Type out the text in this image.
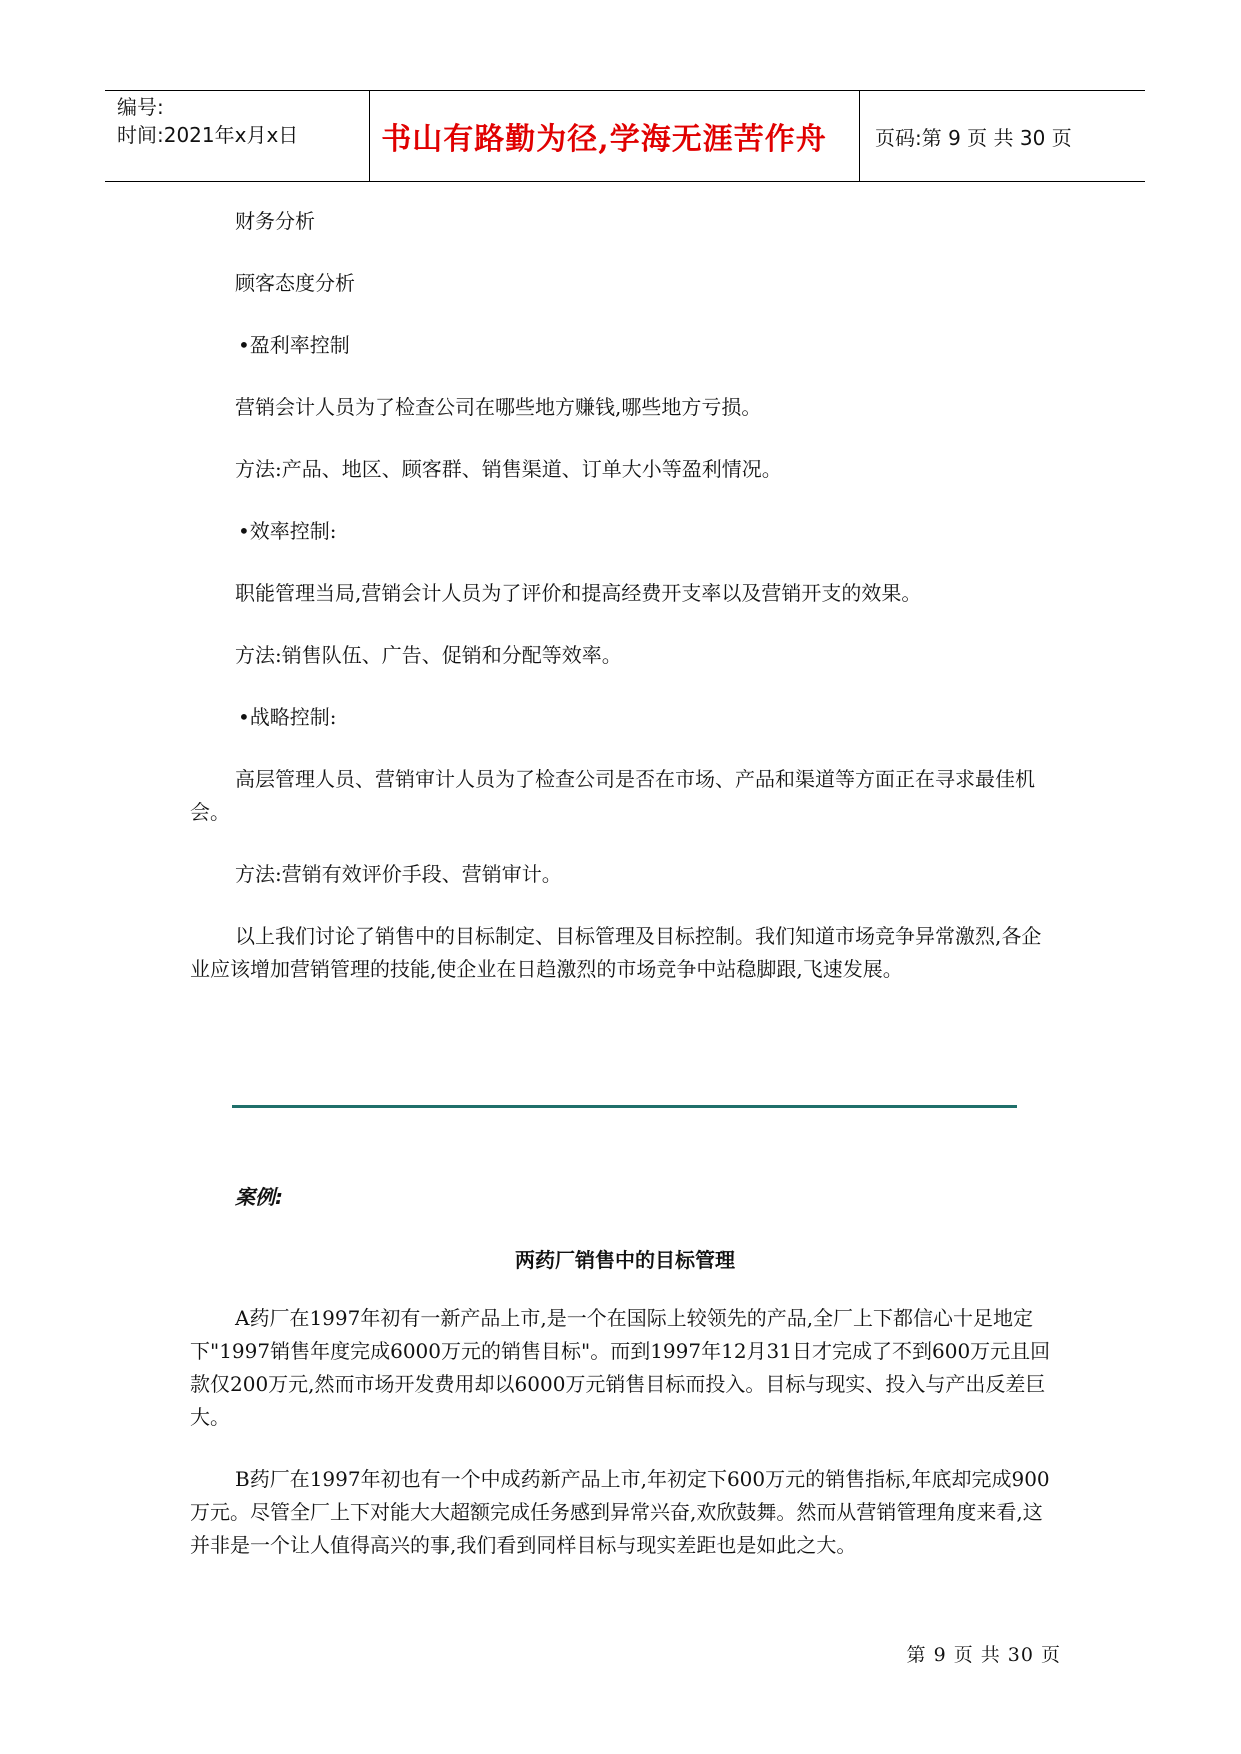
编号:
时间:2021年x月x日	书山有路勤为径,学海无涯苦作舟	页码:第 9 页 共 30 页

财务分析

顾客态度分析

•盈利率控制

营销会计人员为了检查公司在哪些地方赚钱,哪些地方亏损。

方法:产品、地区、顾客群、销售渠道、订单大小等盈利情况。

•效率控制:

职能管理当局,营销会计人员为了评价和提高经费开支率以及营销开支的效果。

方法:销售队伍、广告、促销和分配等效率。

•战略控制:

高层管理人员、营销审计人员为了检查公司是否在市场、产品和渠道等方面正在寻求最佳机会。

方法:营销有效评价手段、营销审计。

以上我们讨论了销售中的目标制定、目标管理及目标控制。我们知道市场竞争异常激烈,各企业应该增加营销管理的技能,使企业在日趋激烈的市场竞争中站稳脚跟,飞速发展。

案例:
两药厂销售中的目标管理

A药厂在1997年初有一新产品上市,是一个在国际上较领先的产品,全厂上下都信心十足地定下"1997销售年度完成6000万元的销售目标"。而到1997年12月31日才完成了不到600万元且回款仅200万元,然而市场开发费用却以6000万元销售目标而投入。目标与现实、投入与产出反差巨大。

B药厂在1997年初也有一个中成药新产品上市,年初定下600万元的销售指标,年底却完成900万元。尽管全厂上下对能大大超额完成任务感到异常兴奋,欢欣鼓舞。然而从营销管理角度来看,这并非是一个让人值得高兴的事,我们看到同样目标与现实差距也是如此之大。

第 9 页 共 30 页
